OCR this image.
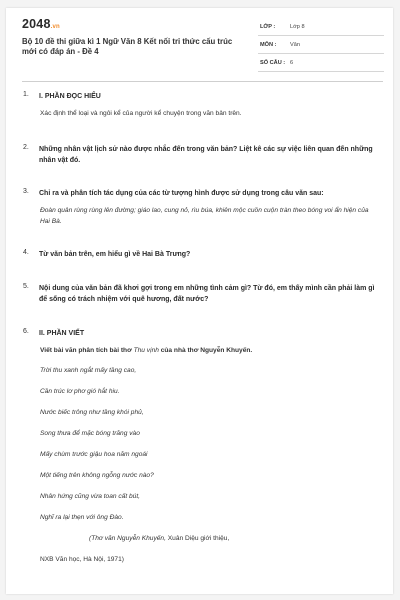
2048.vn
Bộ 10 đề thi giữa kì 1 Ngữ Văn 8 Kết nối tri thức cấu trúc mới có đáp án - Đề 4
LỚP :	Lớp 8
MÔN : Văn
SỐ CÂU : 6
1. I. PHẦN ĐỌC HIỂU
Xác định thể loại và ngôi kể của người kể chuyện trong văn bản trên.
2. Những nhân vật lịch sử nào được nhắc đến trong văn bản? Liệt kê các sự việc liên quan đến những nhân vật đó.
3. Chỉ ra và phân tích tác dụng của các từ tượng hình được sử dụng trong câu văn sau:
Đoàn quân rùng rùng lên đường; giáo lao, cung nỏ, rìu búa, khiên mộc cuồn cuộn tràn theo bóng voi ẩn hiện của Hai Bà.
4. Từ văn bản trên, em hiểu gì về Hai Bà Trưng?
5. Nội dung của văn bản đã khơi gợi trong em những tình cảm gì? Từ đó, em thấy mình cần phải làm gì để sống có trách nhiệm với quê hương, đất nước?
6. II. PHẦN VIẾT
Viết bài văn phân tích bài thơ Thu vịnh của nhà thơ Nguyễn Khuyến.
Trời thu xanh ngắt mấy tầng cao,
Cần trúc lơ phơ gió hắt hiu.
Nước biếc trông như tầng khói phủ,
Song thưa để mặc bóng trăng vào
Mấy chùm trước giậu hoa năm ngoái
Một tiếng trên không ngỗng nước nào?
Nhân hứng cũng vừa toan cất bút,
Nghĩ ra lại thẹn với ông Đào.
(Thơ văn Nguyễn Khuyến, Xuân Diệu giới thiệu,
NXB Văn học, Hà Nội, 1971)
